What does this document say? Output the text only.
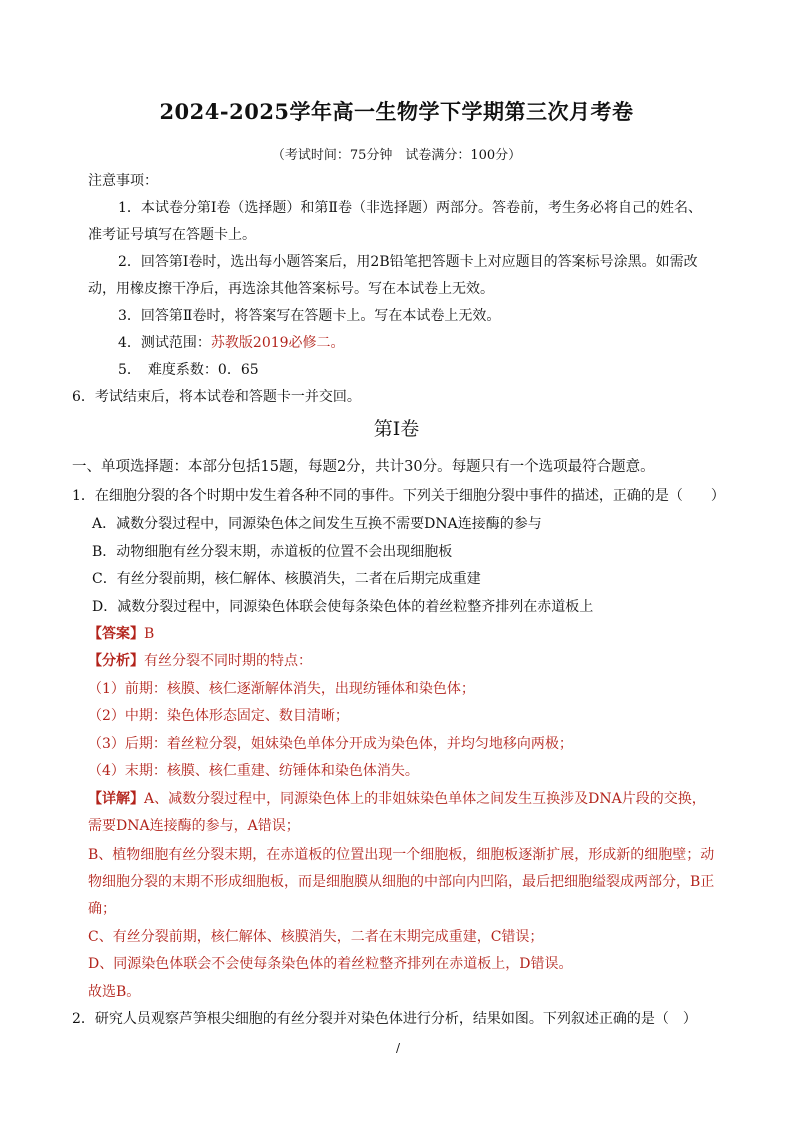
2024-2025学年高一生物学下学期第三次月考卷
（考试时间：75分钟　试卷满分：100分）
注意事项：
1．本试卷分第Ⅰ卷（选择题）和第Ⅱ卷（非选择题）两部分。答卷前，考生务必将自己的姓名、
准考证号填写在答题卡上。
2．回答第Ⅰ卷时，选出每小题答案后，用2B铅笔把答题卡上对应题目的答案标号涂黑。如需改
动，用橡皮擦干净后，再选涂其他答案标号。写在本试卷上无效。
3．回答第Ⅱ卷时，将答案写在答题卡上。写在本试卷上无效。
4．测试范围：苏教版2019必修二。
5．　难度系数：0．65
6．考试结束后，将本试卷和答题卡一并交回。
第Ⅰ卷
一、单项选择题：本部分包括15题，每题2分，共计30分。每题只有一个选项最符合题意。
1．在细胞分裂的各个时期中发生着各种不同的事件。下列关于细胞分裂中事件的描述，正确的是（　　）
A．减数分裂过程中，同源染色体之间发生互换不需要DNA连接酶的参与
B．动物细胞有丝分裂末期，赤道板的位置不会出现细胞板
C．有丝分裂前期，核仁解体、核膜消失，二者在后期完成重建
D．减数分裂过程中，同源染色体联会使每条染色体的着丝粒整齐排列在赤道板上
【答案】B
【分析】有丝分裂不同时期的特点：
（1）前期：核膜、核仁逐渐解体消失，出现纺锤体和染色体；
（2）中期：染色体形态固定、数目清晰；
（3）后期：着丝粒分裂，姐妹染色单体分开成为染色体，并均匀地移向两极；
（4）末期：核膜、核仁重建、纺锤体和染色体消失。
【详解】A、减数分裂过程中，同源染色体上的非姐妹染色单体之间发生互换涉及DNA片段的交换，
需要DNA连接酶的参与，A错误；
B、植物细胞有丝分裂末期，在赤道板的位置出现一个细胞板，细胞板逐渐扩展，形成新的细胞壁；动
物细胞分裂的末期不形成细胞板，而是细胞膜从细胞的中部向内凹陷，最后把细胞缢裂成两部分，B正
确；
C、有丝分裂前期，核仁解体、核膜消失，二者在末期完成重建，C错误；
D、同源染色体联会不会使每条染色体的着丝粒整齐排列在赤道板上，D错误。
故选B。
2．研究人员观察芦笋根尖细胞的有丝分裂并对染色体进行分析，结果如图。下列叙述正确的是（　）
/
